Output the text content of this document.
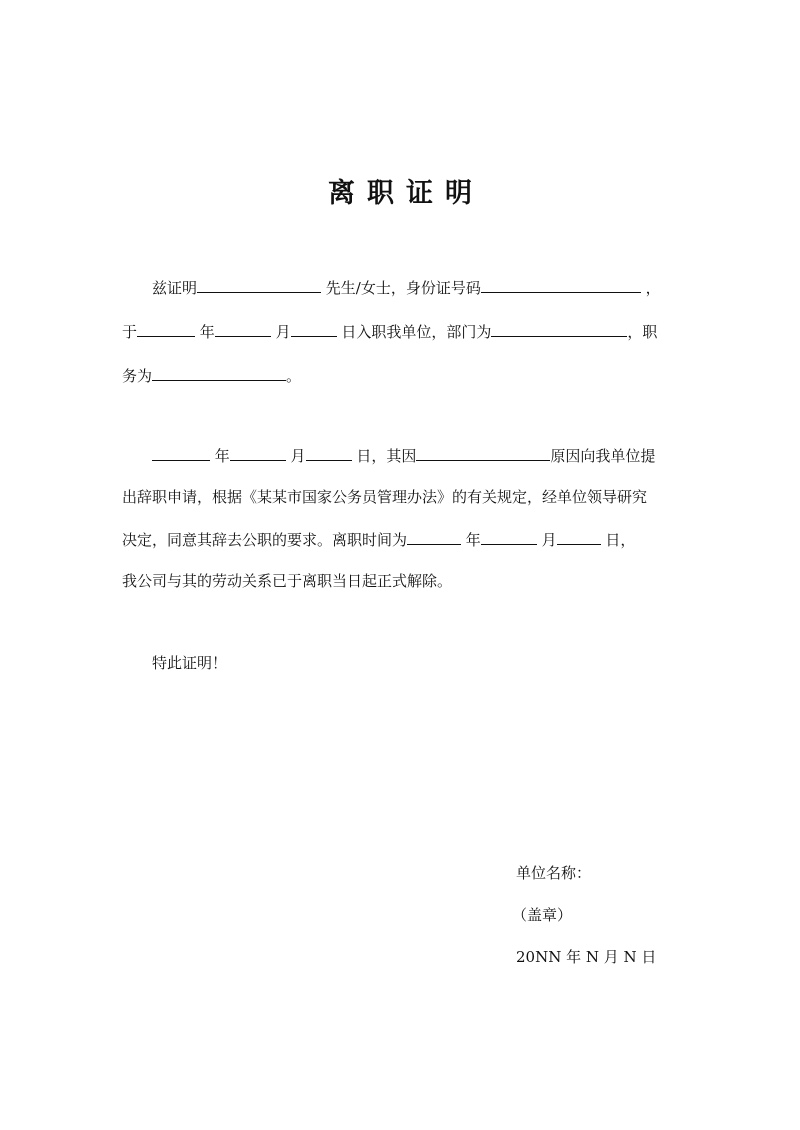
离职证明
兹证明	先生/女士，身份证号码	，
于	年	月	日入职我单位，部门为	，职
务为	。
年	月	日，其因	原因向我单位提
出辞职申请，根据《某某市国家公务员管理办法》的有关规定，经单位领导研究
决定，同意其辞去公职的要求。离职时间为	年	月	日，
我公司与其的劳动关系已于离职当日起正式解除。
特此证明！
单位名称：
（盖章）
20NN 年 N 月 N 日
